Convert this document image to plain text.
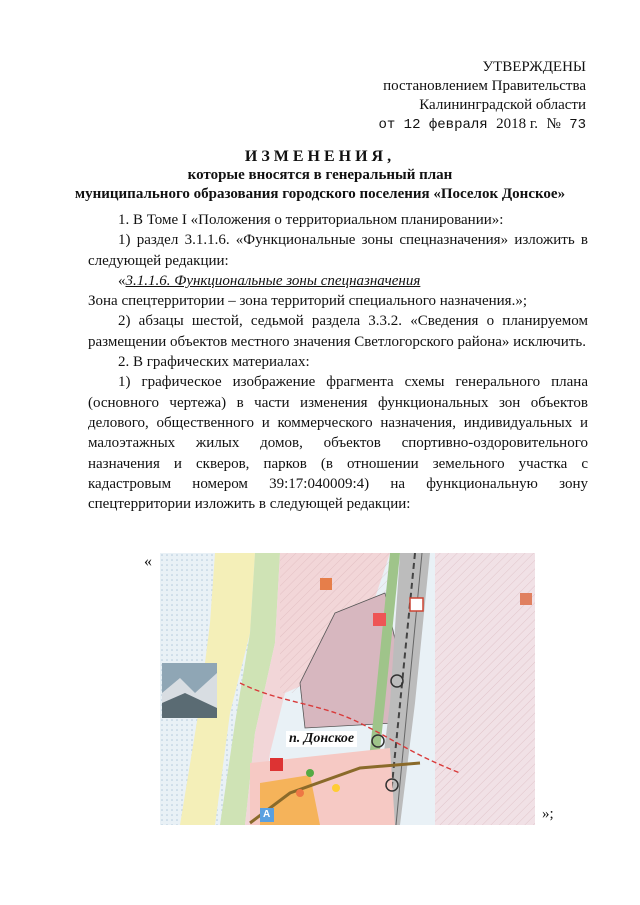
УТВЕРЖДЕНЫ
постановлением Правительства
Калининградской области
от 12 февраля 2018 г. № 73
ИЗМЕНЕНИЯ,
которые вносятся в генеральный план
муниципального образования городского поселения «Поселок Донское»

1. В Томе I «Положения о территориальном планировании»:

1) раздел 3.1.1.6. «Функциональные зоны спецназначения» изложить в следующей редакции:

«3.1.1.6. Функциональные зоны спецназначения

Зона спецтерритории – зона территорий специального назначения.»;

2) абзацы шестой, седьмой раздела 3.3.2. «Сведения о планируемом размещении объектов местного значения Светлогорского района» исключить.

2. В графических материалах:

1) графическое изображение фрагмента схемы генерального плана (основного чертежа) в части изменения функциональных зон объектов делового, общественного и коммерческого назначения, индивидуальных и малоэтажных жилых домов, объектов спортивно-оздоровительного назначения и скверов, парков (в отношении земельного участка с кадастровым номером 39:17:040009:4) на функциональную зону спецтерритории изложить в следующей редакции:

«
п. Донское
A	»;
